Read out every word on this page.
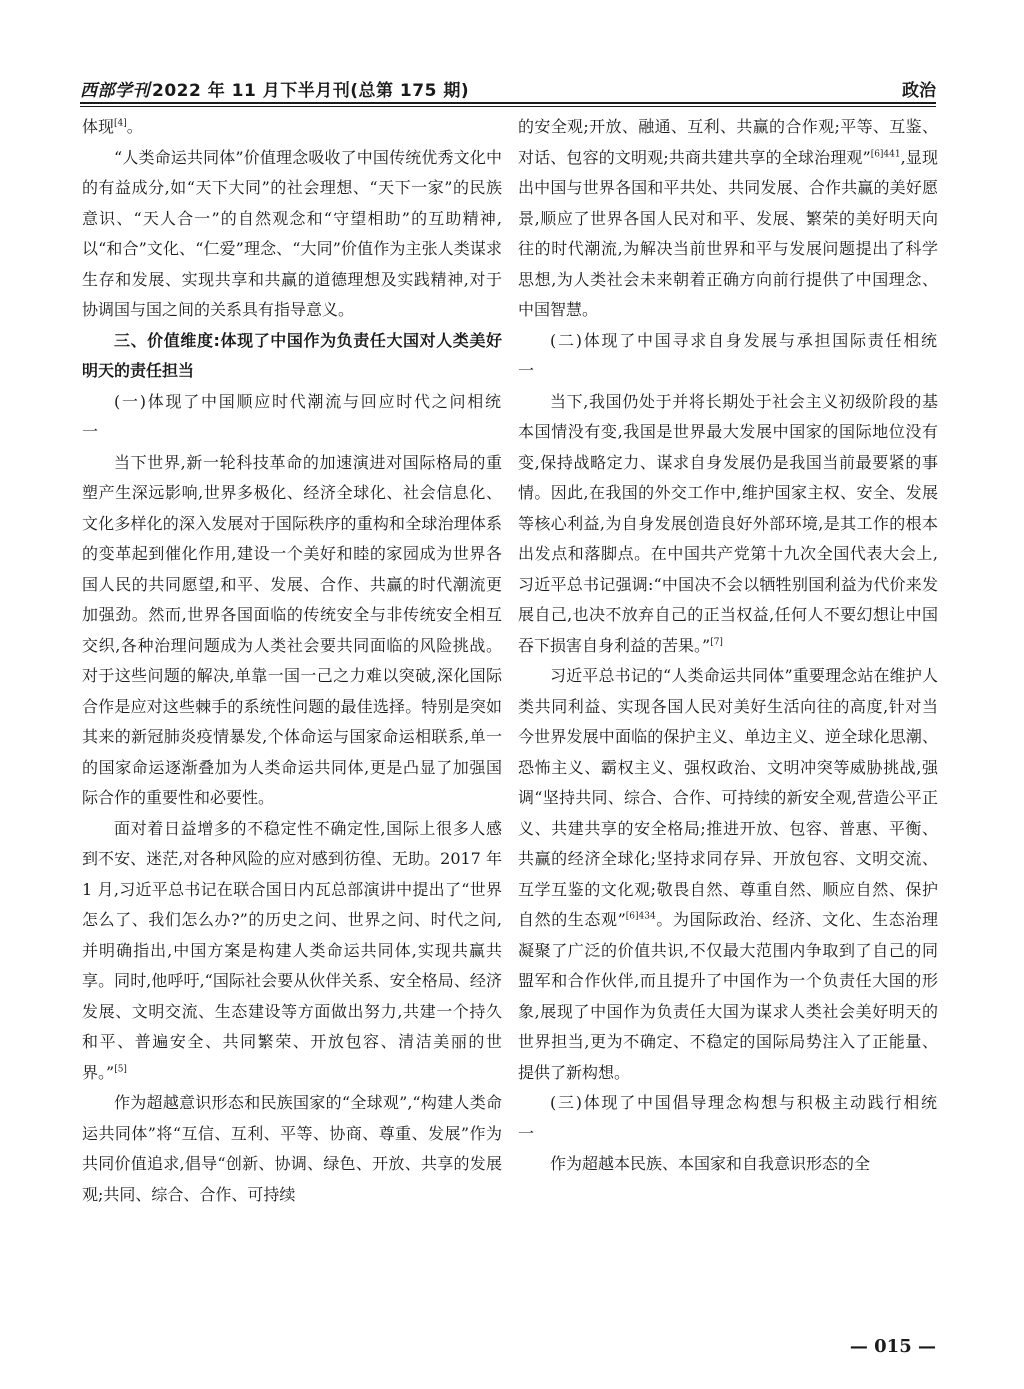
西部学刊 2022 年 11 月下半月刊(总第 175 期)	政治

体现[4]。

“人类命运共同体”价值理念吸收了中国传统优秀文化中的有益成分,如“天下大同”的社会理想、“天下一家”的民族意识、“天人合一”的自然观念和“守望相助”的互助精神,以“和合”文化、“仁爱”理念、“大同”价值作为主张人类谋求生存和发展、实现共享和共赢的道德理想及实践精神,对于协调国与国之间的关系具有指导意义。

三、价值维度:体现了中国作为负责任大国对人类美好明天的责任担当

(一)体现了中国顺应时代潮流与回应时代之问相统一

当下世界,新一轮科技革命的加速演进对国际格局的重塑产生深远影响,世界多极化、经济全球化、社会信息化、文化多样化的深入发展对于国际秩序的重构和全球治理体系的变革起到催化作用,建设一个美好和睦的家园成为世界各国人民的共同愿望,和平、发展、合作、共赢的时代潮流更加强劲。然而,世界各国面临的传统安全与非传统安全相互交织,各种治理问题成为人类社会要共同面临的风险挑战。对于这些问题的解决,单靠一国一己之力难以突破,深化国际合作是应对这些棘手的系统性问题的最佳选择。特别是突如其来的新冠肺炎疫情暴发,个体命运与国家命运相联系,单一的国家命运逐渐叠加为人类命运共同体,更是凸显了加强国际合作的重要性和必要性。

面对着日益增多的不稳定性不确定性,国际上很多人感到不安、迷茫,对各种风险的应对感到彷徨、无助。2017 年 1 月,习近平总书记在联合国日内瓦总部演讲中提出了“世界怎么了、我们怎么办?”的历史之问、世界之问、时代之问,并明确指出,中国方案是构建人类命运共同体,实现共赢共享。同时,他呼吁,“国际社会要从伙伴关系、安全格局、经济发展、文明交流、生态建设等方面做出努力,共建一个持久和平、普遍安全、共同繁荣、开放包容、清洁美丽的世界。”[5]

作为超越意识形态和民族国家的“全球观”,“构建人类命运共同体”将“互信、互利、平等、协商、尊重、发展”作为共同价值追求,倡导“创新、协调、绿色、开放、共享的发展观;共同、综合、合作、可持续

的安全观;开放、融通、互利、共赢的合作观;平等、互鉴、对话、包容的文明观;共商共建共享的全球治理观”$^{[6]441}$,显现出中国与世界各国和平共处、共同发展、合作共赢的美好愿景,顺应了世界各国人民对和平、发展、繁荣的美好明天向往的时代潮流,为解决当前世界和平与发展问题提出了科学思想,为人类社会未来朝着正确方向前行提供了中国理念、中国智慧。

(二)体现了中国寻求自身发展与承担国际责任相统一

当下,我国仍处于并将长期处于社会主义初级阶段的基本国情没有变,我国是世界最大发展中国家的国际地位没有变,保持战略定力、谋求自身发展仍是我国当前最要紧的事情。因此,在我国的外交工作中,维护国家主权、安全、发展等核心利益,为自身发展创造良好外部环境,是其工作的根本出发点和落脚点。在中国共产党第十九次全国代表大会上,习近平总书记强调:“中国决不会以牺牲别国利益为代价来发展自己,也决不放弃自己的正当权益,任何人不要幻想让中国吞下损害自身利益的苦果。”[7]

习近平总书记的“人类命运共同体”重要理念站在维护人类共同利益、实现各国人民对美好生活向往的高度,针对当今世界发展中面临的保护主义、单边主义、逆全球化思潮、恐怖主义、霸权主义、强权政治、文明冲突等威胁挑战,强调“坚持共同、综合、合作、可持续的新安全观,营造公平正义、共建共享的安全格局;推进开放、包容、普惠、平衡、共赢的经济全球化;坚持求同存异、开放包容、文明交流、互学互鉴的文化观;敬畏自然、尊重自然、顺应自然、保护自然的生态观”$^{[6]434}$。为国际政治、经济、文化、生态治理凝聚了广泛的价值共识,不仅最大范围内争取到了自己的同盟军和合作伙伴,而且提升了中国作为一个负责任大国的形象,展现了中国作为负责任大国为谋求人类社会美好明天的世界担当,更为不确定、不稳定的国际局势注入了正能量、提供了新构想。

(三)体现了中国倡导理念构想与积极主动践行相统一

作为超越本民族、本国家和自我意识形态的全

— 015 —
